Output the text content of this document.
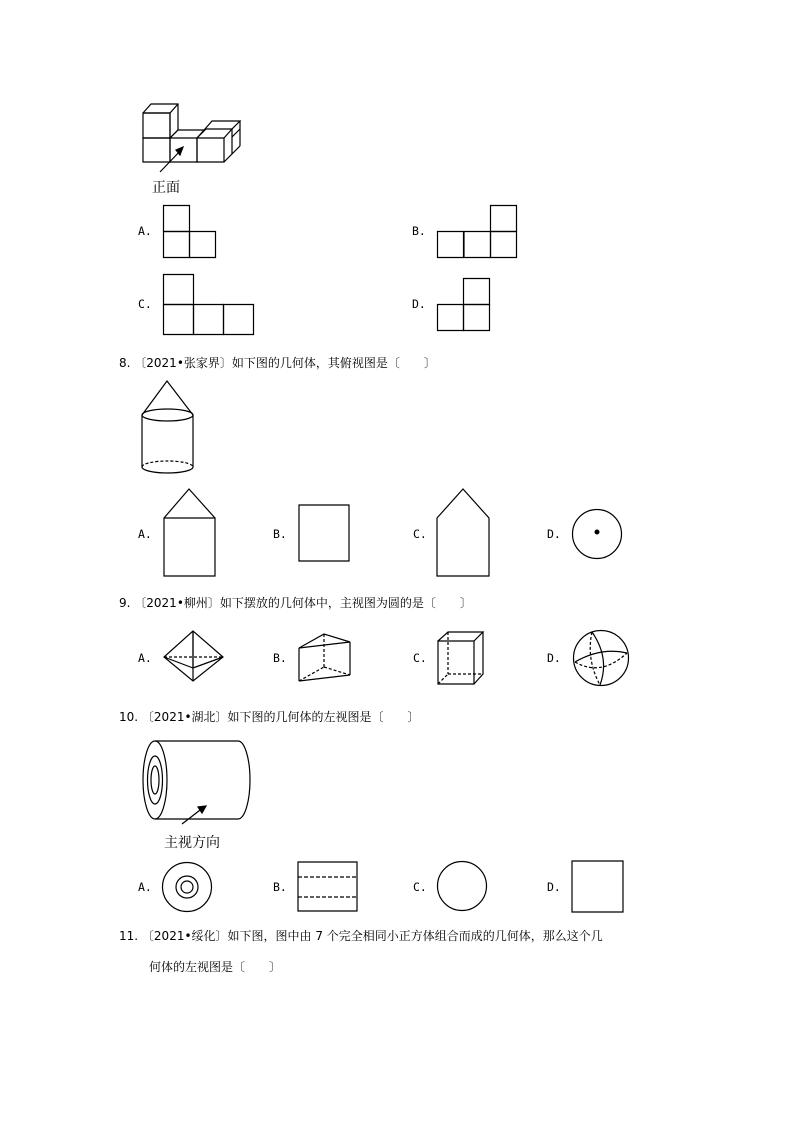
正面
A.	B.
C.	D.
8. 〔2021•张家界〕如下图的几何体，其俯视图是〔　　〕
A.	B.	C.	D.
9. 〔2021•柳州〕如下摆放的几何体中，主视图为圆的是〔　　〕
A.	B.	C.	D.
10. 〔2021•湖北〕如下图的几何体的左视图是〔　　〕
主视方向
A.	B.	C.	D.
11. 〔2021•绥化〕如下图，图中由 7 个完全相同小正方体组合而成的几何体，那么这个几
何体的左视图是〔　　〕
